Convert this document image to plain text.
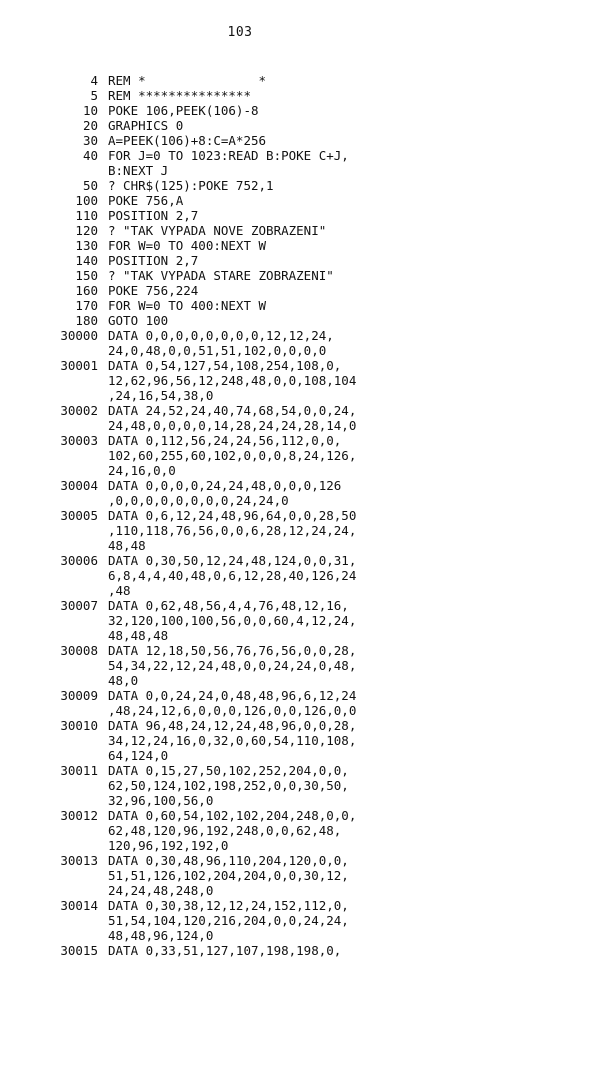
103
4 REM *               *
5 REM ***************
10 POKE 106,PEEK(106)-8
20 GRAPHICS 0
30 A=PEEK(106)+8:C=A*256
40 FOR J=0 TO 1023:READ B:POKE C+J,
B:NEXT J
50 ? CHR$(125):POKE 752,1
100 POKE 756,A
110 POSITION 2,7
120 ? "TAK VYPADA NOVE ZOBRAZENI"
130 FOR W=0 TO 400:NEXT W
140 POSITION 2,7
150 ? "TAK VYPADA STARE ZOBRAZENI"
160 POKE 756,224
170 FOR W=0 TO 400:NEXT W
180 GOTO 100
30000 DATA 0,0,0,0,0,0,0,0,12,12,24,
24,0,48,0,0,51,51,102,0,0,0,0
30001 DATA 0,54,127,54,108,254,108,0,
12,62,96,56,12,248,48,0,0,108,104
,24,16,54,38,0
30002 DATA 24,52,24,40,74,68,54,0,0,24,
24,48,0,0,0,0,14,28,24,24,28,14,0
30003 DATA 0,112,56,24,24,56,112,0,0,
102,60,255,60,102,0,0,0,8,24,126,
24,16,0,0
30004 DATA 0,0,0,0,24,24,48,0,0,0,126
,0,0,0,0,0,0,0,0,24,24,0
30005 DATA 0,6,12,24,48,96,64,0,0,28,50
,110,118,76,56,0,0,6,28,12,24,24,
48,48
30006 DATA 0,30,50,12,24,48,124,0,0,31,
6,8,4,4,40,48,0,6,12,28,40,126,24
,48
30007 DATA 0,62,48,56,4,4,76,48,12,16,
32,120,100,100,56,0,0,60,4,12,24,
48,48,48
30008 DATA 12,18,50,56,76,76,56,0,0,28,
54,34,22,12,24,48,0,0,24,24,0,48,
48,0
30009 DATA 0,0,24,24,0,48,48,96,6,12,24
,48,24,12,6,0,0,0,126,0,0,126,0,0
30010 DATA 96,48,24,12,24,48,96,0,0,28,
34,12,24,16,0,32,0,60,54,110,108,
64,124,0
30011 DATA 0,15,27,50,102,252,204,0,0,
62,50,124,102,198,252,0,0,30,50,
32,96,100,56,0
30012 DATA 0,60,54,102,102,204,248,0,0,
62,48,120,96,192,248,0,0,62,48,
120,96,192,192,0
30013 DATA 0,30,48,96,110,204,120,0,0,
51,51,126,102,204,204,0,0,30,12,
24,24,48,248,0
30014 DATA 0,30,38,12,12,24,152,112,0,
51,54,104,120,216,204,0,0,24,24,
48,48,96,124,0
30015 DATA 0,33,51,127,107,198,198,0,
